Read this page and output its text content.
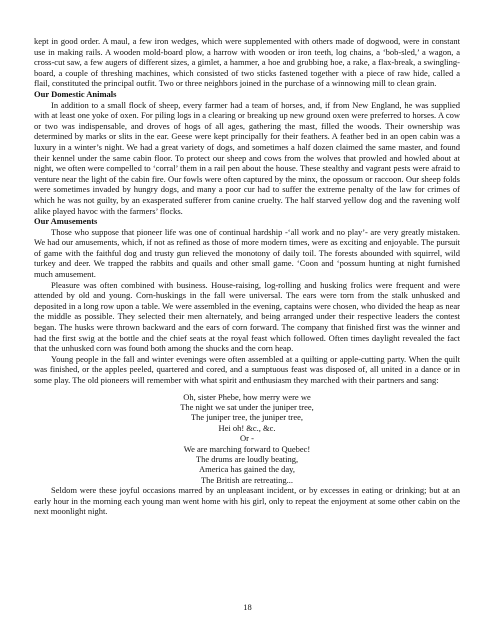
kept in good order. A maul, a few iron wedges, which were supplemented with others made of dogwood, were in constant use in making rails. A wooden mold-board plow, a harrow with wooden or iron teeth, log chains, a ‘bob-sled,’ a wagon, a cross-cut saw, a few augers of different sizes, a gimlet, a hammer, a hoe and grubbing hoe, a rake, a flax-break, a swingling-board, a couple of threshing machines, which consisted of two sticks fastened together with a piece of raw hide, called a flail, constituted the principal outfit. Two or three neighbors joined in the purchase of a winnowing mill to clean grain.

Our Domestic Animals

In addition to a small flock of sheep, every farmer had a team of horses, and, if from New England, he was supplied with at least one yoke of oxen. For piling logs in a clearing or breaking up new ground oxen were preferred to horses. A cow or two was indispensable, and droves of hogs of all ages, gathering the mast, filled the woods. Their ownership was determined by marks or slits in the ear. Geese were kept principally for their feathers. A feather bed in an open cabin was a luxury in a winter’s night. We had a great variety of dogs, and sometimes a half dozen claimed the same master, and found their kennel under the same cabin floor. To protect our sheep and cows from the wolves that prowled and howled about at night, we often were compelled to ‘corral’ them in a rail pen about the house. These stealthy and vagrant pests were afraid to venture near the light of the cabin fire. Our fowls were often captured by the minx, the opossum or raccoon. Our sheep folds were sometimes invaded by hungry dogs, and many a poor cur had to suffer the extreme penalty of the law for crimes of which he was not guilty, by an exasperated sufferer from canine cruelty. The half starved yellow dog and the ravening wolf alike played havoc with the farmers’ flocks.

Our Amusements

Those who suppose that pioneer life was one of continual hardship -‘all work and no play’- are very greatly mistaken. We had our amusements, which, if not as refined as those of more modern times, were as exciting and enjoyable. The pursuit of game with the faithful dog and trusty gun relieved the monotony of daily toil. The forests abounded with squirrel, wild turkey and deer. We trapped the rabbits and quails and other small game. ‘Coon and ‘possum hunting at night furnished much amusement.

Pleasure was often combined with business. House-raising, log-rolling and husking frolics were frequent and were attended by old and young. Corn-huskings in the fall were universal. The ears were torn from the stalk unhusked and deposited in a long row upon a table. We were assembled in the evening, captains were chosen, who divided the heap as near the middle as possible. They selected their men alternately, and being arranged under their respective leaders the contest began. The husks were thrown backward and the ears of corn forward. The company that finished first was the winner and had the first swig at the bottle and the chief seats at the royal feast which followed. Often times daylight revealed the fact that the unhusked corn was found both among the shucks and the corn heap.

Young people in the fall and winter evenings were often assembled at a quilting or apple-cutting party. When the quilt was finished, or the apples peeled, quartered and cored, and a sumptuous feast was disposed of, all united in a dance or in some play. The old pioneers will remember with what spirit and enthusiasm they marched with their partners and sang:

Oh, sister Phebe, how merry were we
The night we sat under the juniper tree,
The juniper tree, the juniper tree,
Hei oh! &c., &c.
Or -
We are marching forward to Quebec!
The drums are loudly beating,
America has gained the day,
The British are retreating...

Seldom were these joyful occasions marred by an unpleasant incident, or by excesses in eating or drinking; but at an early hour in the morning each young man went home with his girl, only to repeat the enjoyment at some other cabin on the next moonlight night.

18
